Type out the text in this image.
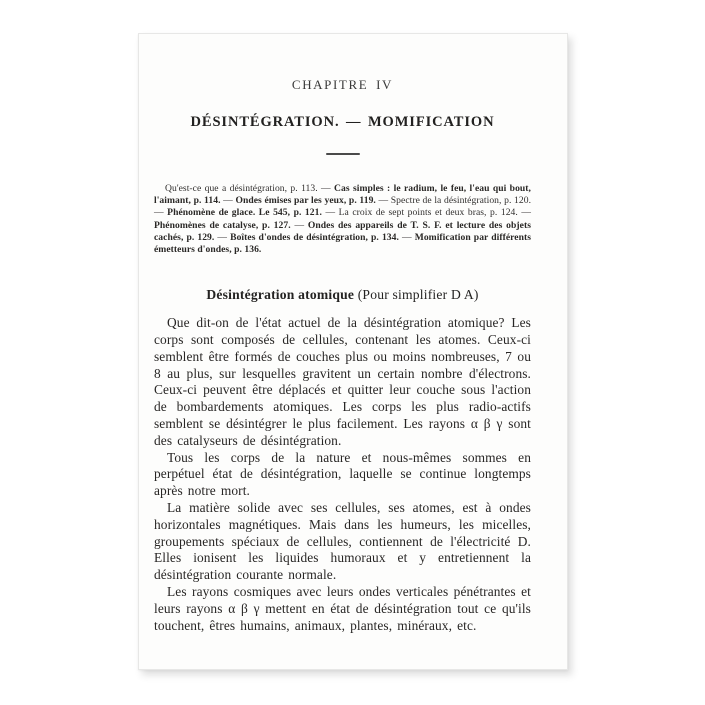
CHAPITRE IV
DÉSINTÉGRATION. — MOMIFICATION

Qu'est-ce que a désintégration, p. 113. — Cas simples : le radium, le feu, l'eau qui bout, l'aimant, p. 114. — Ondes émises par les yeux, p. 119. — Spectre de la désintégration, p. 120. — Phénomène de glace. Le 545, p. 121. — La croix de sept points et deux bras, p. 124. — Phénomènes de catalyse, p. 127. — Ondes des appareils de T. S. F. et lecture des objets cachés, p. 129. — Boîtes d'ondes de désintégration, p. 134. — Momification par différents émetteurs d'ondes, p. 136.

Désintégration atomique (Pour simplifier D A)

Que dit-on de l'état actuel de la désintégration atomique? Les corps sont composés de cellules, contenant les atomes. Ceux-ci semblent être formés de couches plus ou moins nombreuses, 7 ou 8 au plus, sur lesquelles gravitent un certain nombre d'électrons. Ceux-ci peuvent être déplacés et quitter leur couche sous l'action de bombardements atomiques. Les corps les plus radio-actifs semblent se désintégrer le plus facilement. Les rayons α β γ sont des catalyseurs de désintégration.

Tous les corps de la nature et nous-mêmes sommes en perpétuel état de désintégration, laquelle se continue longtemps après notre mort.

La matière solide avec ses cellules, ses atomes, est à ondes horizontales magnétiques. Mais dans les humeurs, les micelles, groupements spéciaux de cellules, contiennent de l'électricité D. Elles ionisent les liquides humoraux et y entretiennent la désintégration courante normale.

Les rayons cosmiques avec leurs ondes verticales pénétrantes et leurs rayons α β γ mettent en état de désintégration tout ce qu'ils touchent, êtres humains, animaux, plantes, minéraux, etc.
